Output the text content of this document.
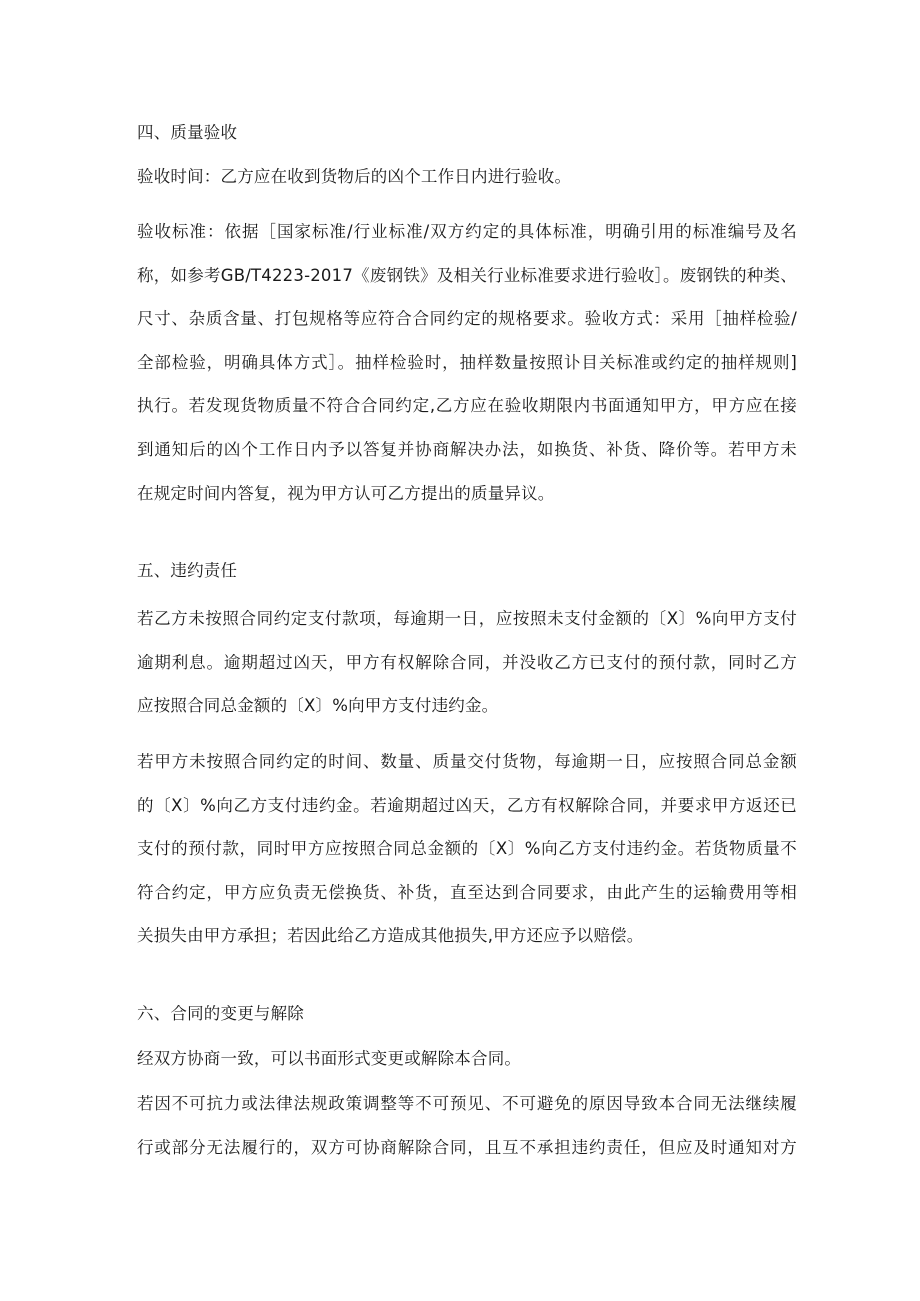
四、质量验收
验收时间：乙方应在收到货物后的凶个工作日内进行验收。
验收标准：依据［国家标准/行业标准/双方约定的具体标准，明确引用的标准编号及名
称，如参考GB/T4223-2017《废钢铁》及相关行业标准要求进行验收］。废钢铁的种类、
尺寸、杂质含量、打包规格等应符合合同约定的规格要求。验收方式：采用［抽样检验/
全部检验，明确具体方式］。抽样检验时，抽样数量按照讣目关标准或约定的抽样规则]
执行。若发现货物质量不符合合同约定,乙方应在验收期限内书面通知甲方，甲方应在接
到通知后的凶个工作日内予以答复并协商解决办法，如换货、补货、降价等。若甲方未
在规定时间内答复，视为甲方认可乙方提出的质量异议。
五、违约责任
若乙方未按照合同约定支付款项，每逾期一日，应按照未支付金额的〔X〕%向甲方支付
逾期利息。逾期超过凶天，甲方有权解除合同，并没收乙方已支付的预付款，同时乙方
应按照合同总金额的〔X〕%向甲方支付违约金。
若甲方未按照合同约定的时间、数量、质量交付货物，每逾期一日，应按照合同总金额
的〔X〕%向乙方支付违约金。若逾期超过凶天，乙方有权解除合同，并要求甲方返还已
支付的预付款，同时甲方应按照合同总金额的〔X〕%向乙方支付违约金。若货物质量不
符合约定，甲方应负责无偿换货、补货，直至达到合同要求，由此产生的运输费用等相
关损失由甲方承担；若因此给乙方造成其他损失,甲方还应予以赔偿。
六、合同的变更与解除
经双方协商一致，可以书面形式变更或解除本合同。
若因不可抗力或法律法规政策调整等不可预见、不可避免的原因导致本合同无法继续履
行或部分无法履行的，双方可协商解除合同，且互不承担违约责任，但应及时通知对方
